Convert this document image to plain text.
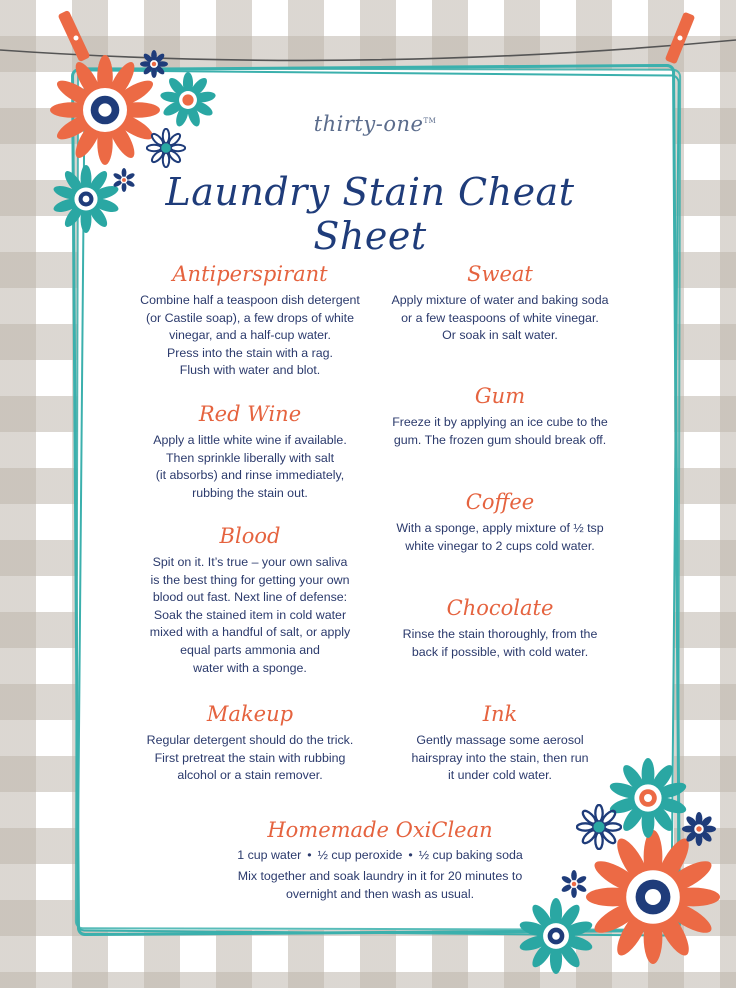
thirty-one™
Laundry Stain Cheat Sheet
Antiperspirant

Combine half a teaspoon dish detergent
(or Castile soap), a few drops of white
vinegar, and a half-cup water.
Press into the stain with a rag.
Flush with water and blot.

Red Wine

Apply a little white wine if available.
Then sprinkle liberally with salt
(it absorbs) and rinse immediately,
rubbing the stain out.

Blood

Spit on it. It’s true – your own saliva
is the best thing for getting your own
blood out fast. Next line of defense:
Soak the stained item in cold water
mixed with a handful of salt, or apply
equal parts ammonia and
water with a sponge.

Makeup

Regular detergent should do the trick.
First pretreat the stain with rubbing
alcohol or a stain remover.

Sweat

Apply mixture of water and baking soda
or a few teaspoons of white vinegar.
Or soak in salt water.

Gum

Freeze it by applying an ice cube to the
gum. The frozen gum should break off.

Coffee

With a sponge, apply mixture of ½ tsp
white vinegar to 2 cups cold water.

Chocolate

Rinse the stain thoroughly, from the
back if possible, with cold water.

Ink

Gently massage some aerosol
hairspray into the stain, then run
it under cold water.

Homemade OxiClean
1 cup water • ½ cup peroxide • ½ cup baking soda

Mix together and soak laundry in it for 20 minutes to
overnight and then wash as usual.
